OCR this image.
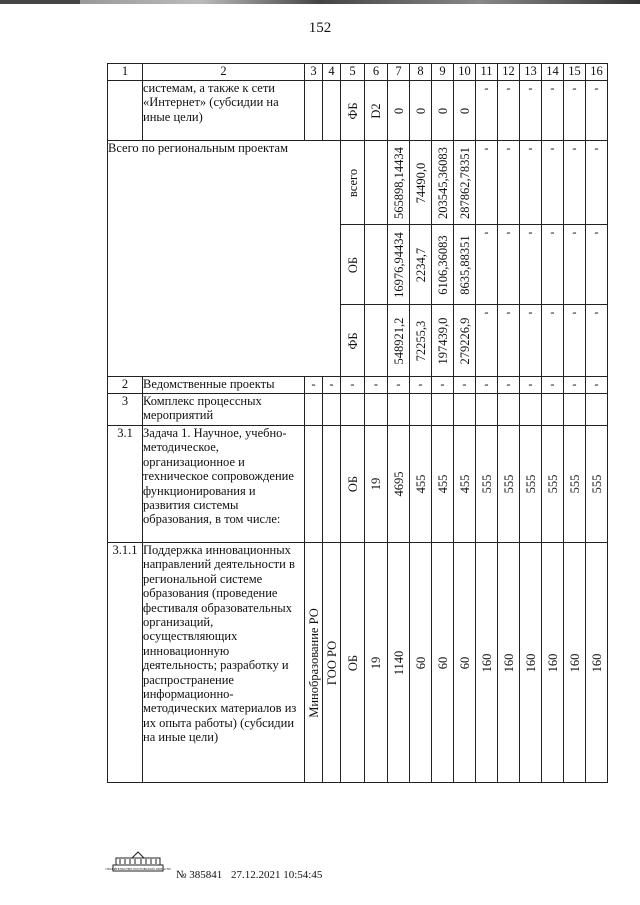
152
1	2	3	4	5	6	7	8	9	10	11	12	13	14	15	16
	системам, а также к сети «Интернет» (субсидии на иные цели)			ФБ	D2	0	0	0	0	-	-	-	-	-	-
Всего по региональным проектам				всего		565898,14434	74490,0	203545,36083	287862,78351	-	-	-	-	-	-

				ОБ		16976,94434	2234,7	6106,36083	8635,88351	-	-	-	-	-	-

				ФБ		548921,2	72255,3	197439,0	279226,9	-	-	-	-	-	-
2	Ведомственные проекты	-	-	-	-	-	-	-	-	-	-	-	-	-	-
3	Комплекс процессных мероприятий														
3.1	Задача 1. Научное, учебно-методическое, организационное и техническое сопровождение функционирования и развития системы образования, в том числе:			ОБ	19	4695	455	455	455	555	555	555	555	555	555

3.1.1	Поддержка инновационных направлений деятельности в региональной системе образования (проведение фестиваля образовательных организаций, осуществляющих инновационную деятельность; разработку и распространение информационно-методических материалов из их опыта работы) (субсидии на иные цели)	Минобразование РО	ГОО РО	ОБ	19	1140	60	60	60	160	160	160	160	160	160
ПРАВИТЕЛЬСТВО РОСТОВСКОЙ ОБЛАСТИ № 385841 27.12.2021 10:54:45
